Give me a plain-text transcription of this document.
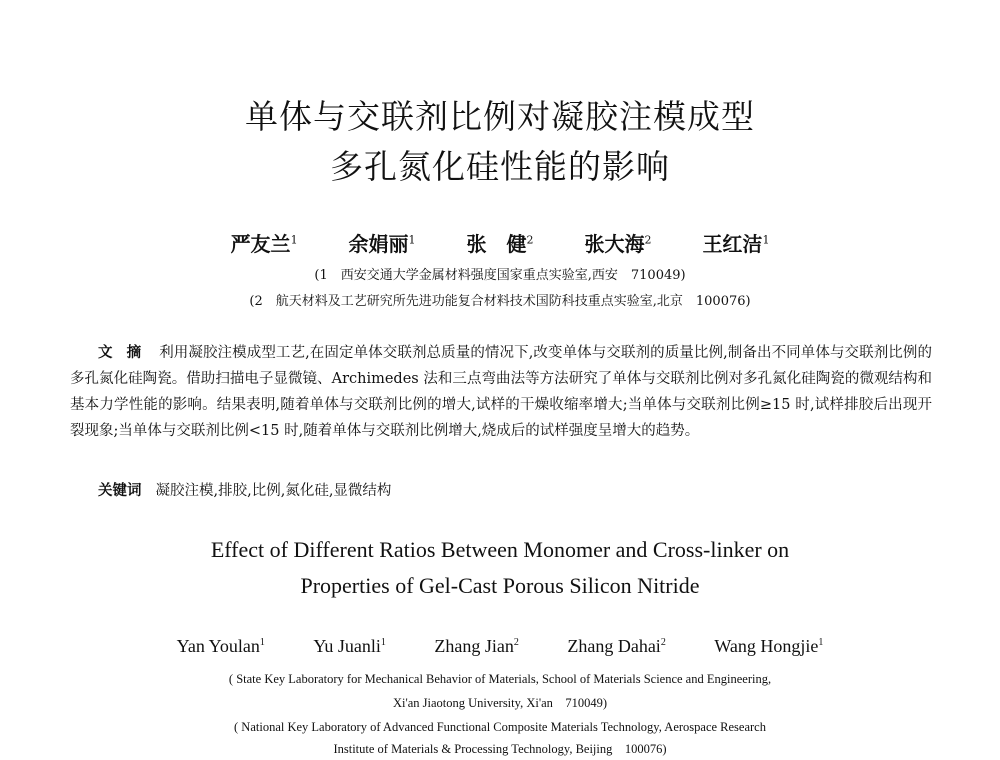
单体与交联剂比例对凝胶注模成型
多孔氮化硅性能的影响
严友兰$^1$	余娟丽$^1$	张　健$^2$	张大海$^2$	王红洁$^1$
(1　西安交通大学金属材料强度国家重点实验室,西安　710049)
(2　航天材料及工艺研究所先进功能复合材料技术国防科技重点实验室,北京　100076)
文摘 利用凝胶注模成型工艺,在固定单体交联剂总质量的情况下,改变单体与交联剂的质量比例,制备出不同单体与交联剂比例的多孔氮化硅陶瓷。借助扫描电子显微镜、Archimedes 法和三点弯曲法等方法研究了单体与交联剂比例对多孔氮化硅陶瓷的微观结构和基本力学性能的影响。结果表明,随着单体与交联剂比例的增大,试样的干燥收缩率增大;当单体与交联剂比例≥15 时,试样排胶后出现开裂现象;当单体与交联剂比例<15 时,随着单体与交联剂比例增大,烧成后的试样强度呈增大的趋势。
关键词 凝胶注模,排胶,比例,氮化硅,显微结构
Effect of Different Ratios Between Monomer and Cross-linker on
Properties of Gel-Cast Porous Silicon Nitride
Yan Youlan$^1$	Yu Juanli$^1$	Zhang Jian$^2$	Zhang Dahai$^2$	Wang Hongjie$^1$
( State Key Laboratory for Mechanical Behavior of Materials, School of Materials Science and Engineering,
Xi'an Jiaotong University, Xi'an　710049)
( National Key Laboratory of Advanced Functional Composite Materials Technology, Aerospace Research
Institute of Materials & Processing Technology, Beijing　100076)
